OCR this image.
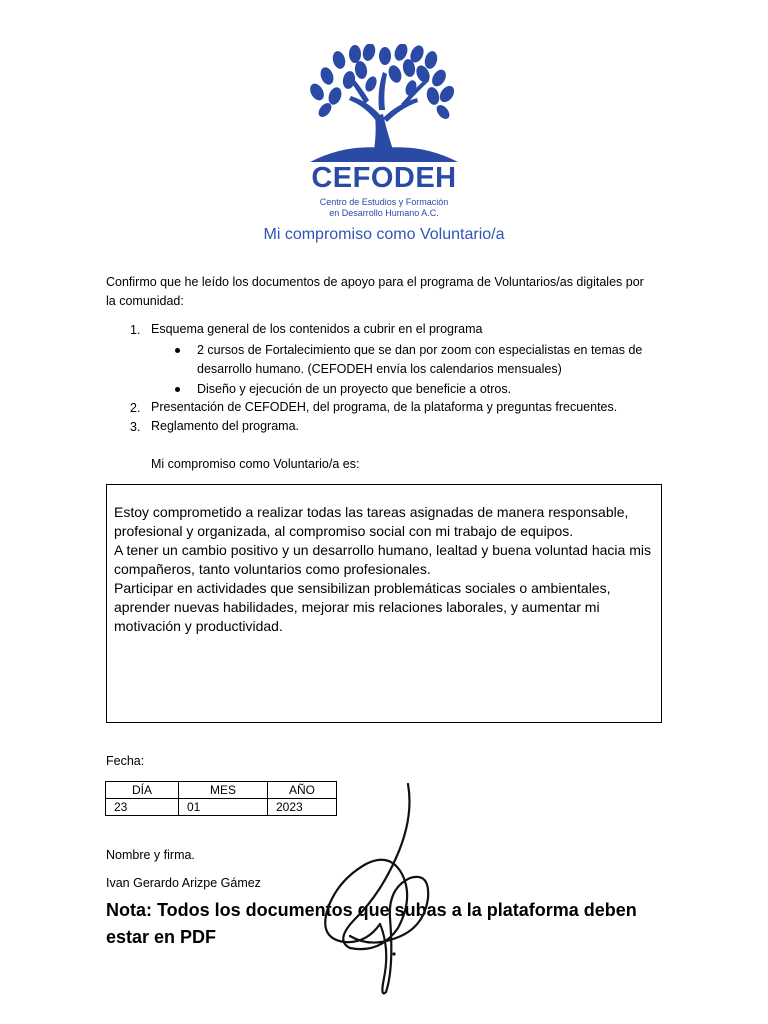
CEFODEH
Centro de Estudios y Formación
en Desarrollo Humano A.C.
Mi compromiso como Voluntario/a
Confirmo que he leído los documentos de apoyo para el programa de Voluntarios/as digitales por
la comunidad:
1. Esquema general de los contenidos a cubrir en el programa
2 cursos de Fortalecimiento que se dan por zoom con especialistas en temas de
desarrollo humano. (CEFODEH envía los calendarios mensuales)
Diseño y ejecución de un proyecto que beneficie a otros.
2. Presentación de CEFODEH, del programa, de la plataforma y preguntas frecuentes.
3. Reglamento del programa.
Mi compromiso como Voluntario/a es:
Estoy comprometido a realizar todas las tareas asignadas de manera responsable,
profesional y organizada, al compromiso social con mi trabajo de equipos.
A tener un cambio positivo y un desarrollo humano, lealtad y buena voluntad hacia mis
compañeros, tanto voluntarios como profesionales.
Participar en actividades que sensibilizan problemáticas sociales o ambientales,
aprender nuevas habilidades, mejorar mis relaciones laborales, y aumentar mi
motivación y productividad.
Fecha:
DÍA	MES	AÑO
23	01	2023
Nombre y firma.
Ivan Gerardo Arizpe Gámez
Nota: Todos los documentos que subas a la plataforma deben
estar en PDF
